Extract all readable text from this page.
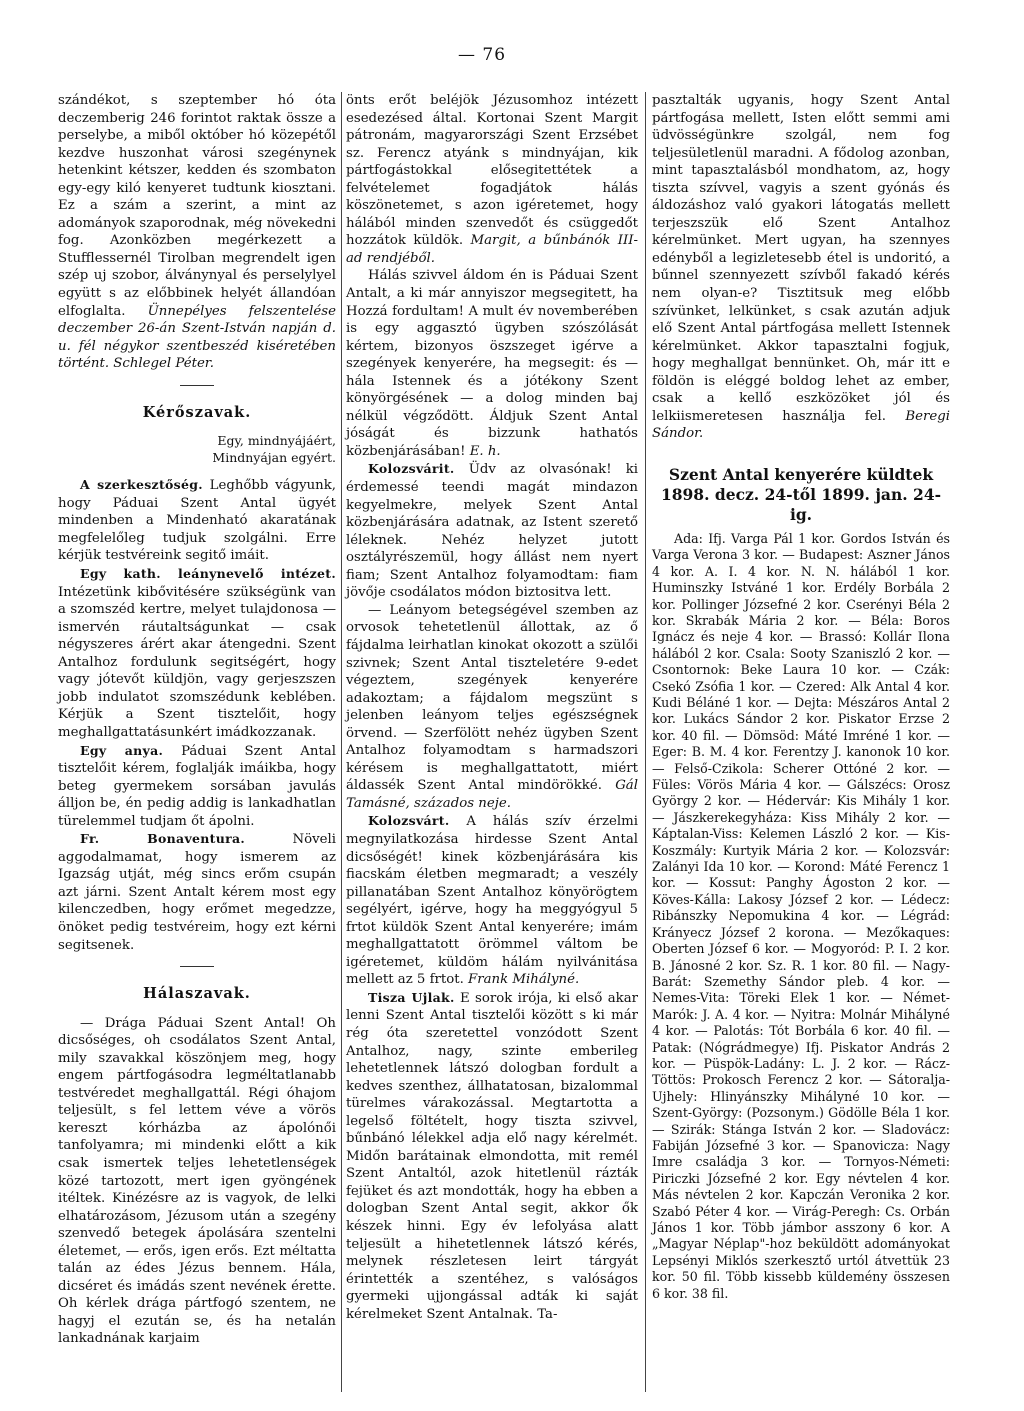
— 76

szándékot, s szeptember hó óta deczemberig 246 forintot raktak össze a perselybe, a miből október hó közepétől kezdve huszonhat városi szegénynek hetenkint kétszer, kedden és szombaton egy-egy kiló kenyeret tudtunk kiosztani. Ez a szám a szerint, a mint az adományok szaporodnak, még növekedni fog. Azonközben megérkezett a Stufflessernél Tirolban megrendelt igen szép uj szobor, álványnyal és perselylyel együtt s az előbbinek helyét állandóan elfoglalta. Ünnepélyes felszentelése deczember 26-án Szent-István napján d. u. fél négykor szentbeszéd kiséretében történt. Schlegel Péter.

Kérőszavak.

Egy, mindnyájáért,
Mindnyájan egyért.

A szerkesztőség. Leghőbb vágyunk, hogy Páduai Szent Antal ügyét mindenben a Mindenható akaratának megfelelőleg tudjuk szolgálni. Erre kérjük testvéreink segitő imáit.

Egy kath. leánynevelő intézet. Intézetünk kibővitésére szükségünk van a szomszéd kertre, melyet tulajdonosa — ismervén ráutaltságunkat — csak négyszeres árért akar átengedni. Szent Antalhoz fordulunk segitségért, hogy vagy jótevőt küldjön, vagy gerjeszszen jobb indulatot szomszédunk keblében. Kérjük a Szent tisztelőit, hogy meghallgattatásunkért imádkozzanak.

Egy anya. Páduai Szent Antal tisztelőit kérem, foglalják imáikba, hogy beteg gyermekem sorsában javulás álljon be, én pedig addig is lankadhatlan türelemmel tudjam őt ápolni.

Fr. Bonaventura.	Növeli aggodalmamat, hogy ismerem az Igazság utját, még sincs erőm csupán azt járni. Szent Antalt kérem most egy kilenczedben, hogy erőmet megedzze, önöket pedig testvéreim, hogy ezt kérni segitsenek.

Hálaszavak.

— Drága Páduai Szent Antal! Oh dicsőséges, oh csodálatos Szent Antal, mily szavakkal köszönjem meg, hogy engem pártfogásodra legméltatlanabb testvéredet meghallgattál. Régi óhajom teljesült, s fel lettem véve a vörös kereszt kórházba az ápolónői tanfolyamra; mi mindenki előtt a kik csak ismertek teljes lehetetlenségek közé tartozott, mert igen gyöngének itéltek. Kinézésre az is vagyok, de lelki elhatározásom, Jézusom után a szegény szenvedő betegek ápolására szentelni életemet, — erős, igen erős. Ezt méltatta talán az édes Jézus bennem. Hála, dicséret és imádás szent nevének érette. Oh kérlek drága pártfogó szentem, ne hagyj el ezután se, és ha netalán lankadnának karjaim

önts erőt beléjök Jézusomhoz intézett esedezésed által. Kortonai Szent Margit pátronám, magyarországi Szent Erzsébet sz. Ferencz atyánk s mindnyájan, kik pártfogástokkal elősegitettétek a felvételemet fogadjátok hálás köszönetemet, s azon igéretemet, hogy hálából minden szenvedőt és csüggedőt hozzátok küldök. Margit, a bűnbánók III-ad rendjéből.

Hálás szivvel áldom én is Páduai Szent Antalt, a ki már annyiszor megsegitett, ha Hozzá fordultam! A mult év novemberében is egy aggasztó ügyben szószólását kértem, bizonyos öszszeget igérve a szegények kenyerére, ha megsegit: és — hála Istennek és a jótékony Szent könyörgésének — a dolog minden baj nélkül végződött. Áldjuk Szent Antal jóságát és bizzunk hathatós közbenjárásában! E. h.

Kolozsvárit. Üdv az olvasónak! ki érdemessé teendi magát mindazon kegyelmekre, melyek Szent Antal közbenjárására adatnak, az Istent szerető léleknek. Nehéz helyzet jutott osztályrészemül, hogy állást nem nyert fiam; Szent Antalhoz folyamodtam: fiam jövője csodálatos módon biztositva lett.

— Leányom betegségével szemben az orvosok tehetetlenül állottak, az ő fájdalma leirhatlan kinokat okozott a szülői szivnek; Szent Antal tiszteletére 9-edet végeztem, szegények kenyerére adakoztam; a fájdalom megszünt s jelenben leányom teljes egészségnek örvend. — Szerfölött nehéz ügyben Szent Antalhoz folyamodtam s harmadszori kérésem is meghallgattatott, miért áldassék Szent Antal mindörökké. Gál Tamásné, százados neje.

Kolozsvárt. A hálás szív érzelmi megnyilatkozása hirdesse Szent Antal dicsőségét! kinek közbenjárására kis fiacskám életben megmaradt; a veszély pillanatában Szent Antalhoz könyörögtem segélyért, igérve, hogy ha meggyógyul 5 frtot küldök Szent Antal kenyerére; imám meghallgattatott örömmel váltom be igéretemet, küldöm hálám nyilvánitása mellett az 5 frtot. Frank Mihályné.

Tisza Ujlak. E sorok irója, ki első akar lenni Szent Antal tisztelői között s ki már rég óta szeretettel vonzódott Szent Antalhoz, nagy, szinte emberileg lehetetlennek látszó dologban fordult a kedves szenthez, állhatatosan, bizalommal türelmes várakozással. Megtartotta a legelső föltételt, hogy tiszta szivvel, bűnbánó lélekkel adja elő nagy kérelmét. Midőn barátainak elmondotta, mit remél Szent Antaltól, azok hitetlenül rázták fejüket és azt mondották, hogy ha ebben a dologban Szent Antal segit, akkor ők készek hinni. Egy év lefolyása alatt teljesült a hihetetlennek látszó kérés, melynek részletesen leirt tárgyát érintették a szentéhez, s valóságos gyermeki ujjongással adták ki saját kérelmeket Szent Antalnak. Ta-

pasztalták ugyanis, hogy Szent Antal pártfogása mellett, Isten előtt semmi ami üdvösségünkre szolgál, nem fog teljesületlenül maradni. A fődolog azonban, mint tapasztalásból mondhatom, az, hogy tiszta szívvel, vagyis a szent gyónás és áldozáshoz való gyakori látogatás mellett terjeszszük elő Szent Antalhoz kérelmünket. Mert ugyan, ha szennyes edényből a legizletesebb étel is undoritó, a bűnnel szennyezett szívből fakadó kérés nem olyan-e? Tisztitsuk meg előbb szívünket, lelkünket, s csak azután adjuk elő Szent Antal pártfogása mellett Istennek kérelmünket. Akkor tapasztalni fogjuk, hogy meghallgat bennünket. Oh, már itt e földön is eléggé boldog lehet az ember, csak a kellő eszközöket jól és lelkiismeretesen használja fel. Beregi Sándor.

Szent Antal kenyerére küldtek
1898. decz. 24-től 1899. jan. 24-ig.

Ada: Ifj. Varga Pál 1 kor. Gordos István és Varga Verona 3 kor. — Budapest: Aszner János 4 kor. A. I. 4 kor. N. N. hálából 1 kor. Huminszky Istváné 1 kor. Erdély Borbála 2 kor. Pollinger Józsefné 2 kor. Cserényi Béla 2 kor. Skrabák Mária 2 kor. — Béla: Boros Ignácz és neje 4 kor. — Brassó: Kollár Ilona hálából 2 kor. Csala: Sooty Szaniszló 2 kor. — Csontornok: Beke Laura 10 kor. — Czák: Csekó Zsófia 1 kor. — Czered: Alk Antal 4 kor. Kudi Béláné 1 kor. — Dejta: Mészáros Antal 2 kor. Lukács Sándor 2 kor. Piskator Erzse 2 kor. 40 fil. — Dömsöd: Máté Imréné 1 kor. — Eger: B. M. 4 kor. Ferentzy J. kanonok 10 kor. — Felső-Czikola: Scherer Ottóné 2 kor. — Füles: Vörös Mária 4 kor. — Gálszécs: Orosz György 2 kor. — Hédervár: Kis Mihály 1 kor. — Jászkerekegyháza: Kiss Mihály 2 kor. — Káptalan-Viss: Kelemen László 2 kor. — Kis-Koszmály: Kurtyik Mária 2 kor. — Kolozsvár: Zalányi Ida 10 kor. — Korond: Máté Ferencz 1 kor. — Kossut: Panghy Ágoston 2 kor. — Köves-Kálla: Lakosy József 2 kor. — Lédecz: Ribánszky Nepomukina 4 kor. — Légrád: Krányecz József 2 korona. — Mezőkaques: Oberten József 6 kor. — Mogyoród: P. I. 2 kor. B. Jánosné 2 kor. Sz. R. 1 kor. 80 fil. — Nagy-Barát: Szemethy Sándor pleb. 4 kor. — Nemes-Vita: Töreki Elek 1 kor. — Német-Marók: J. A. 4 kor. — Nyitra: Molnár Mihályné 4 kor. — Palotás: Tót Borbála 6 kor. 40 fil. — Patak: (Nógrádmegye) Ifj. Piskator András 2 kor. — Püspök-Ladány: L. J. 2 kor. — Rácz-Töttös: Prokosch Ferencz 2 kor. — Sátoralja-Ujhely: Hlinyánszky Mihályné 10 kor. — Szent-György: (Pozsonym.) Gödölle Béla 1 kor. — Szirák: Stánga István 2 kor. — Sladovácz: Fabiján Józsefné 3 kor. — Spanovicza: Nagy Imre családja 3 kor. — Tornyos-Németi: Piriczki Józsefné 2 kor. Egy névtelen 4 kor. Más névtelen 2 kor. Kapczán Veronika 2 kor. Szabó Péter 4 kor. — Virág-Peregh: Cs. Orbán János 1 kor. Több jámbor asszony 6 kor. A „Magyar Néplap"-hoz beküldött adományokat Lepsényi Miklós szerkesztő urtól átvettük 23 kor. 50 fil. Több kissebb küldemény összesen 6 kor. 38 fil.
